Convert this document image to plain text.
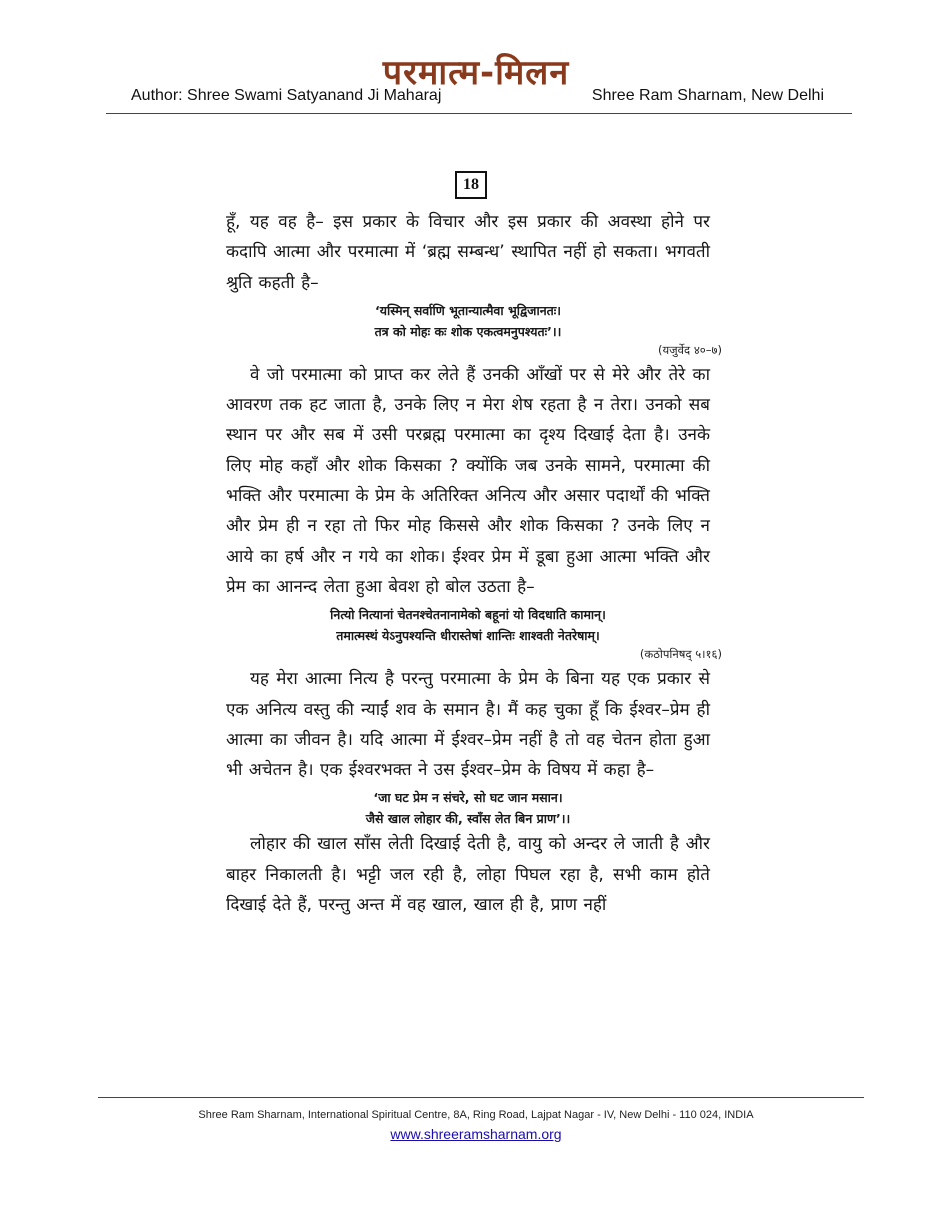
परमात्म-मिलन
Author: Shree Swami Satyanand Ji Maharaj	Shree Ram Sharnam, New Delhi
18

हूँ, यह वह है– इस प्रकार के विचार और इस प्रकार की अवस्था होने पर कदापि आत्मा और परमात्मा में ‘ब्रह्म सम्बन्ध’ स्थापित नहीं हो सकता। भगवती श्रुति कहती है–

‘यस्मिन् सर्वाणि भूतान्यात्मैवा भूद्विजानतः।
तत्र को मोहः कः शोक एकत्वमनुपश्यतः’।।
(यजुर्वेद ४०–७)

वे जो परमात्मा को प्राप्त कर लेते हैं उनकी आँखों पर से मेरे और तेरे का आवरण तक हट जाता है, उनके लिए न मेरा शेष रहता है न तेरा। उनको सब स्थान पर और सब में उसी परब्रह्म परमात्मा का दृश्य दिखाई देता है। उनके लिए मोह कहाँ और शोक किसका ? क्योंकि जब उनके सामने, परमात्मा की भक्ति और परमात्मा के प्रेम के अतिरिक्त अनित्य और असार पदार्थों की भक्ति और प्रेम ही न रहा तो फिर मोह किससे और शोक किसका ? उनके लिए न आये का हर्ष और न गये का शोक। ईश्वर प्रेम में डूबा हुआ आत्मा भक्ति और प्रेम का आनन्द लेता हुआ बेवश हो बोल उठता है–

नित्यो नित्यानां चेतनश्चेतनानामेको बहूनां यो विदधाति कामान्।
तमात्मस्थं येऽनुपश्यन्ति धीरास्तेषां शान्तिः शाश्वती नेतरेषाम्।
(कठोपनिषद् ५।१६)

यह मेरा आत्मा नित्य है परन्तु परमात्मा के प्रेम के बिना यह एक प्रकार से एक अनित्य वस्तु की न्याईं शव के समान है। मैं कह चुका हूँ कि ईश्वर–प्रेम ही आत्मा का जीवन है। यदि आत्मा में ईश्वर–प्रेम नहीं है तो वह चेतन होता हुआ भी अचेतन है। एक ईश्वरभक्त ने उस ईश्वर–प्रेम के विषय में कहा है–

‘जा घट प्रेम न संचरे, सो घट जान मसान।
जैसे खाल लोहार की, स्वाँस लेत बिन प्राण’।।

लोहार की खाल साँस लेती दिखाई देती है, वायु को अन्दर ले जाती है और बाहर निकालती है। भट्टी जल रही है, लोहा पिघल रहा है, सभी काम होते दिखाई देते हैं, परन्तु अन्त में वह खाल, खाल ही है, प्राण नहीं

Shree Ram Sharnam, International Spiritual Centre, 8A, Ring Road, Lajpat Nagar - IV, New Delhi - 110 024, INDIA
www.shreeramsharnam.org
